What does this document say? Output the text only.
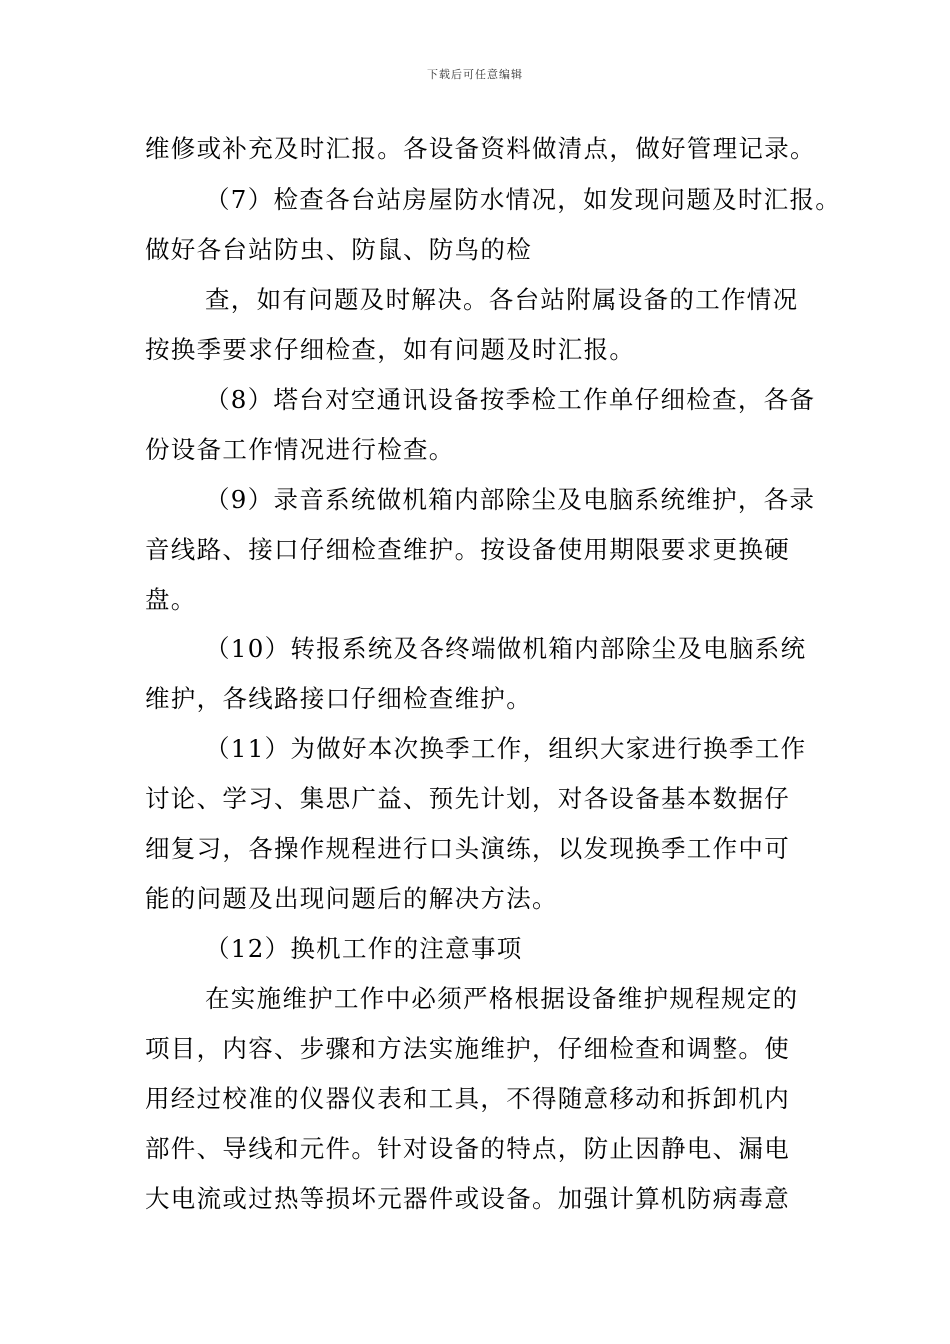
下载后可任意编辑
维修或补充及时汇报。各设备资料做清点，做好管理记录。
（7）检查各台站房屋防水情况，如发现问题及时汇报。
做好各台站防虫、防鼠、防鸟的检
查，如有问题及时解决。各台站附属设备的工作情况
按换季要求仔细检查，如有问题及时汇报。
（8）塔台对空通讯设备按季检工作单仔细检查，各备
份设备工作情况进行检查。
（9）录音系统做机箱内部除尘及电脑系统维护，各录
音线路、接口仔细检查维护。按设备使用期限要求更换硬
盘。
（10）转报系统及各终端做机箱内部除尘及电脑系统
维护，各线路接口仔细检查维护。
（11）为做好本次换季工作，组织大家进行换季工作
讨论、学习、集思广益、预先计划，对各设备基本数据仔
细复习，各操作规程进行口头演练，以发现换季工作中可
能的问题及出现问题后的解决方法。
（12）换机工作的注意事项
在实施维护工作中必须严格根据设备维护规程规定的
项目，内容、步骤和方法实施维护，仔细检查和调整。使
用经过校准的仪器仪表和工具，不得随意移动和拆卸机内
部件、导线和元件。针对设备的特点，防止因静电、漏电
大电流或过热等损坏元器件或设备。加强计算机防病毒意
